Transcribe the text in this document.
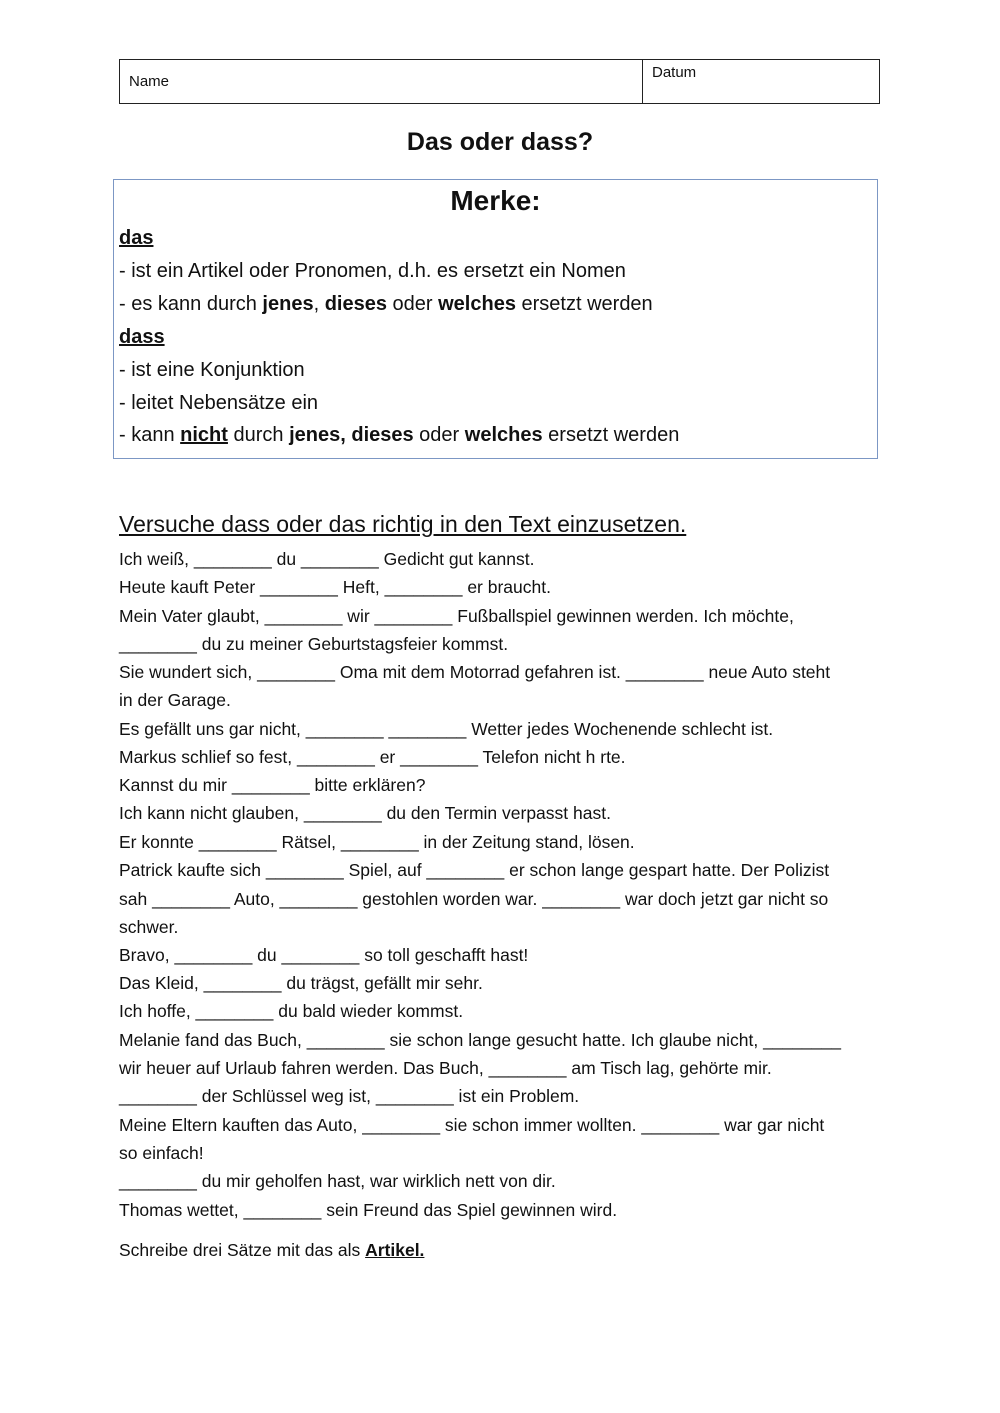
Name
Datum
Das oder dass?
Merke:
das
- ist ein Artikel oder Pronomen, d.h. es ersetzt ein Nomen
- es kann durch jenes, dieses oder welches ersetzt werden
dass
- ist eine Konjunktion
- leitet Nebensätze ein
- kann nicht durch jenes, dieses oder welches ersetzt werden
Versuche dass oder das richtig in den Text einzusetzen.
Ich weiß, ________ du ________ Gedicht gut kannst.
Heute kauft Peter ________ Heft, ________ er braucht.
Mein Vater glaubt, ________ wir ________ Fußballspiel gewinnen werden. Ich möchte,
________ du zu meiner Geburtstagsfeier kommst.
Sie wundert sich, ________ Oma mit dem Motorrad gefahren ist. ________ neue Auto steht
in der Garage.
Es gefällt uns gar nicht, ________ ________ Wetter jedes Wochenende schlecht ist.
Markus schlief so fest, ________ er ________ Telefon nicht h rte.
Kannst du mir ________ bitte erklären?
Ich kann nicht glauben, ________ du den Termin verpasst hast.
Er konnte ________ Rätsel, ________ in der Zeitung stand, lösen.
Patrick kaufte sich ________ Spiel, auf ________ er schon lange gespart hatte. Der Polizist
sah ________ Auto, ________ gestohlen worden war. ________ war doch jetzt gar nicht so
schwer.
Bravo, ________ du ________ so toll geschafft hast!
Das Kleid, ________ du trägst, gefällt mir sehr.
Ich hoffe, ________ du bald wieder kommst.
Melanie fand das Buch, ________ sie schon lange gesucht hatte. Ich glaube nicht, ________
wir heuer auf Urlaub fahren werden. Das Buch, ________ am Tisch lag, gehörte mir.
________ der Schlüssel weg ist, ________ ist ein Problem.
Meine Eltern kauften das Auto, ________ sie schon immer wollten. ________ war gar nicht
so einfach!
________ du mir geholfen hast, war wirklich nett von dir.
Thomas wettet, ________ sein Freund das Spiel gewinnen wird.
Schreibe drei Sätze mit das als Artikel.
